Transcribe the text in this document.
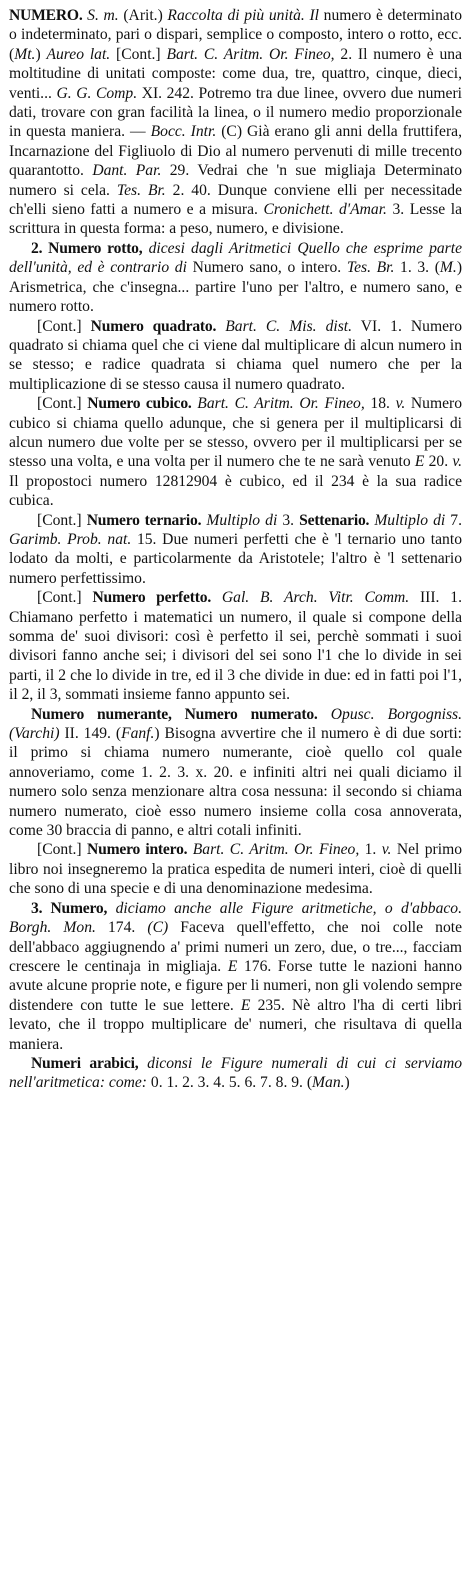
NUMERO. S. m. (Arit.) Raccolta di più unità. Il numero è determinato o indeterminato, pari o dispari, semplice o composto, intero o rotto, ecc. (Mt.) Aureo lat. [Cont.] Bart. C. Aritm. Or. Fineo, 2. Il numero è una moltitudine di unitati composte: come dua, tre, quattro, cinque, dieci, venti... G. G. Comp. XI. 242. Potremo tra due linee, ovvero due numeri dati, trovare con gran facilità la linea, o il numero medio proporzionale in questa maniera. — Bocc. Intr. (C) Già erano gli anni della fruttifera, Incarnazione del Figliuolo di Dio al numero pervenuti di mille trecento quarantotto. Dant. Par. 29. Vedrai che 'n sue migliaja Determinato numero si cela. Tes. Br. 2. 40. Dunque conviene elli per necessitade ch'elli sieno fatti a numero e a misura. Cronichett. d'Amar. 3. Lesse la scrittura in questa forma: a peso, numero, e divisione.

2. Numero rotto, dicesi dagli Aritmetici Quello che esprime parte dell'unità, ed è contrario di Numero sano, o intero. Tes. Br. 1. 3. (M.) Arismetrica, che c'insegna... partire l'uno per l'altro, e numero sano, e numero rotto.

[Cont.] Numero quadrato. Bart. C. Mis. dist. VI. 1. Numero quadrato si chiama quel che ci viene dal multiplicare di alcun numero in se stesso; e radice quadrata si chiama quel numero che per la multiplicazione di se stesso causa il numero quadrato.

[Cont.] Numero cubico. Bart. C. Aritm. Or. Fineo, 18. v. Numero cubico si chiama quello adunque, che si genera per il multiplicarsi di alcun numero due volte per se stesso, ovvero per il multiplicarsi per se stesso una volta, e una volta per il numero che te ne sarà venuto E 20. v. Il propostoci numero 12812904 è cubico, ed il 234 è la sua radice cubica.

[Cont.] Numero ternario. Multiplo di 3. Settenario. Multiplo di 7. Garimb. Prob. nat. 15. Due numeri perfetti che è 'l ternario uno tanto lodato da molti, e particolarmente da Aristotele; l'altro è 'l settenario numero perfettissimo.

[Cont.] Numero perfetto. Gal. B. Arch. Vitr. Comm. III. 1. Chiamano perfetto i matematici un numero, il quale si compone della somma de' suoi divisori: così è perfetto il sei, perchè sommati i suoi divisori fanno anche sei; i divisori del sei sono l'1 che lo divide in sei parti, il 2 che lo divide in tre, ed il 3 che divide in due: ed in fatti poi l'1, il 2, il 3, sommati insieme fanno appunto sei.

Numero numerante, Numero numerato. Opusc. Borgogniss. (Varchi) II. 149. (Fanf.) Bisogna avvertire che il numero è di due sorti: il primo si chiama numero numerante, cioè quello col quale annoveriamo, come 1. 2. 3. x. 20. e infiniti altri nei quali diciamo il numero solo senza menzionare altra cosa nessuna: il secondo si chiama numero numerato, cioè esso numero insieme colla cosa annoverata, come 30 braccia di panno, e altri cotali infiniti.

[Cont.] Numero intero. Bart. C. Aritm. Or. Fineo, 1. v. Nel primo libro noi insegneremo la pratica espedita de numeri interi, cioè di quelli che sono di una specie e di una denominazione medesima.

3. Numero, diciamo anche alle Figure aritmetiche, o d'abbaco. Borgh. Mon. 174. (C) Faceva quell'effetto, che noi colle note dell'abbaco aggiugnendo a' primi numeri un zero, due, o tre..., facciam crescere le centinaja in migliaja. E 176. Forse tutte le nazioni hanno avute alcune proprie note, e figure per li numeri, non gli volendo sempre distendere con tutte le sue lettere. E 235. Nè altro l'ha di certi libri levato, che il troppo multiplicare de' numeri, che risultava di quella maniera.

Numeri arabici, diconsi le Figure numerali di cui ci serviamo nell'aritmetica: come: 0. 1. 2. 3. 4. 5. 6. 7. 8. 9. (Man.)
